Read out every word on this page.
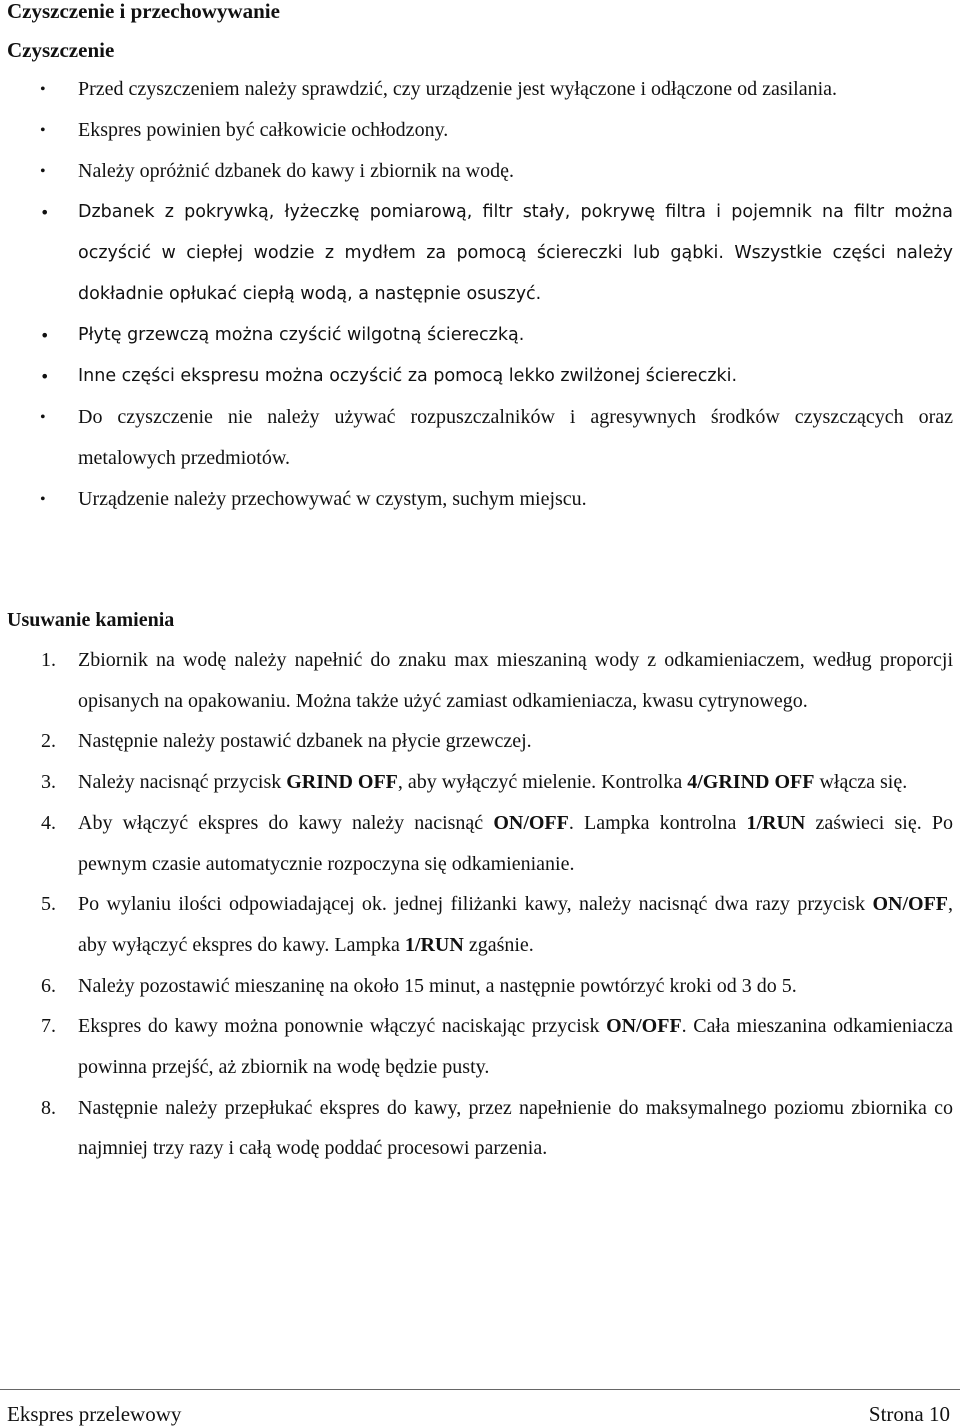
Czyszczenie i przechowywanie
Czyszczenie
• Przed czyszczeniem należy sprawdzić, czy urządzenie jest wyłączone i odłączone od zasilania.
• Ekspres powinien być całkowicie ochłodzony.
• Należy opróżnić dzbanek do kawy i zbiornik na wodę.
• Dzbanek z pokrywką, łyżeczkę pomiarową, filtr stały, pokrywę filtra i pojemnik na filtr można oczyścić w ciepłej wodzie z mydłem za pomocą ściereczki lub gąbki. Wszystkie części należy dokładnie opłukać ciepłą wodą, a następnie osuszyć.
• Płytę grzewczą można czyścić wilgotną ściereczką.
• Inne części ekspresu można oczyścić za pomocą lekko zwilżonej ściereczki.
• Do czyszczenie nie należy używać rozpuszczalników i agresywnych środków czyszczących oraz metalowych przedmiotów.
• Urządzenie należy przechowywać w czystym, suchym miejscu.
Usuwanie kamienia
1. Zbiornik na wodę należy napełnić do znaku max mieszaniną wody z odkamieniaczem, według proporcji opisanych na opakowaniu. Można także użyć zamiast odkamieniacza, kwasu cytrynowego.
2. Następnie należy postawić dzbanek na płycie grzewczej.
3. Należy nacisnąć przycisk GRIND OFF, aby wyłączyć mielenie. Kontrolka 4/GRIND OFF włącza się.
4. Aby włączyć ekspres do kawy należy nacisnąć ON/OFF. Lampka kontrolna 1/RUN zaświeci się. Po pewnym czasie automatycznie rozpoczyna się odkamienianie.
5. Po wylaniu ilości odpowiadającej ok. jednej filiżanki kawy, należy nacisnąć dwa razy przycisk ON/OFF, aby wyłączyć ekspres do kawy. Lampka 1/RUN zgaśnie.
6. Należy pozostawić mieszaninę na około 15 minut, a następnie powtórzyć kroki od 3 do 5.
7. Ekspres do kawy można ponownie włączyć naciskając przycisk ON/OFF. Cała mieszanina odkamieniacza powinna przejść, aż zbiornik na wodę będzie pusty.
8. Następnie należy przepłukać ekspres do kawy, przez napełnienie do maksymalnego poziomu zbiornika co najmniej trzy razy i całą wodę poddać procesowi parzenia.
Ekspres przelewowy	Strona 10
